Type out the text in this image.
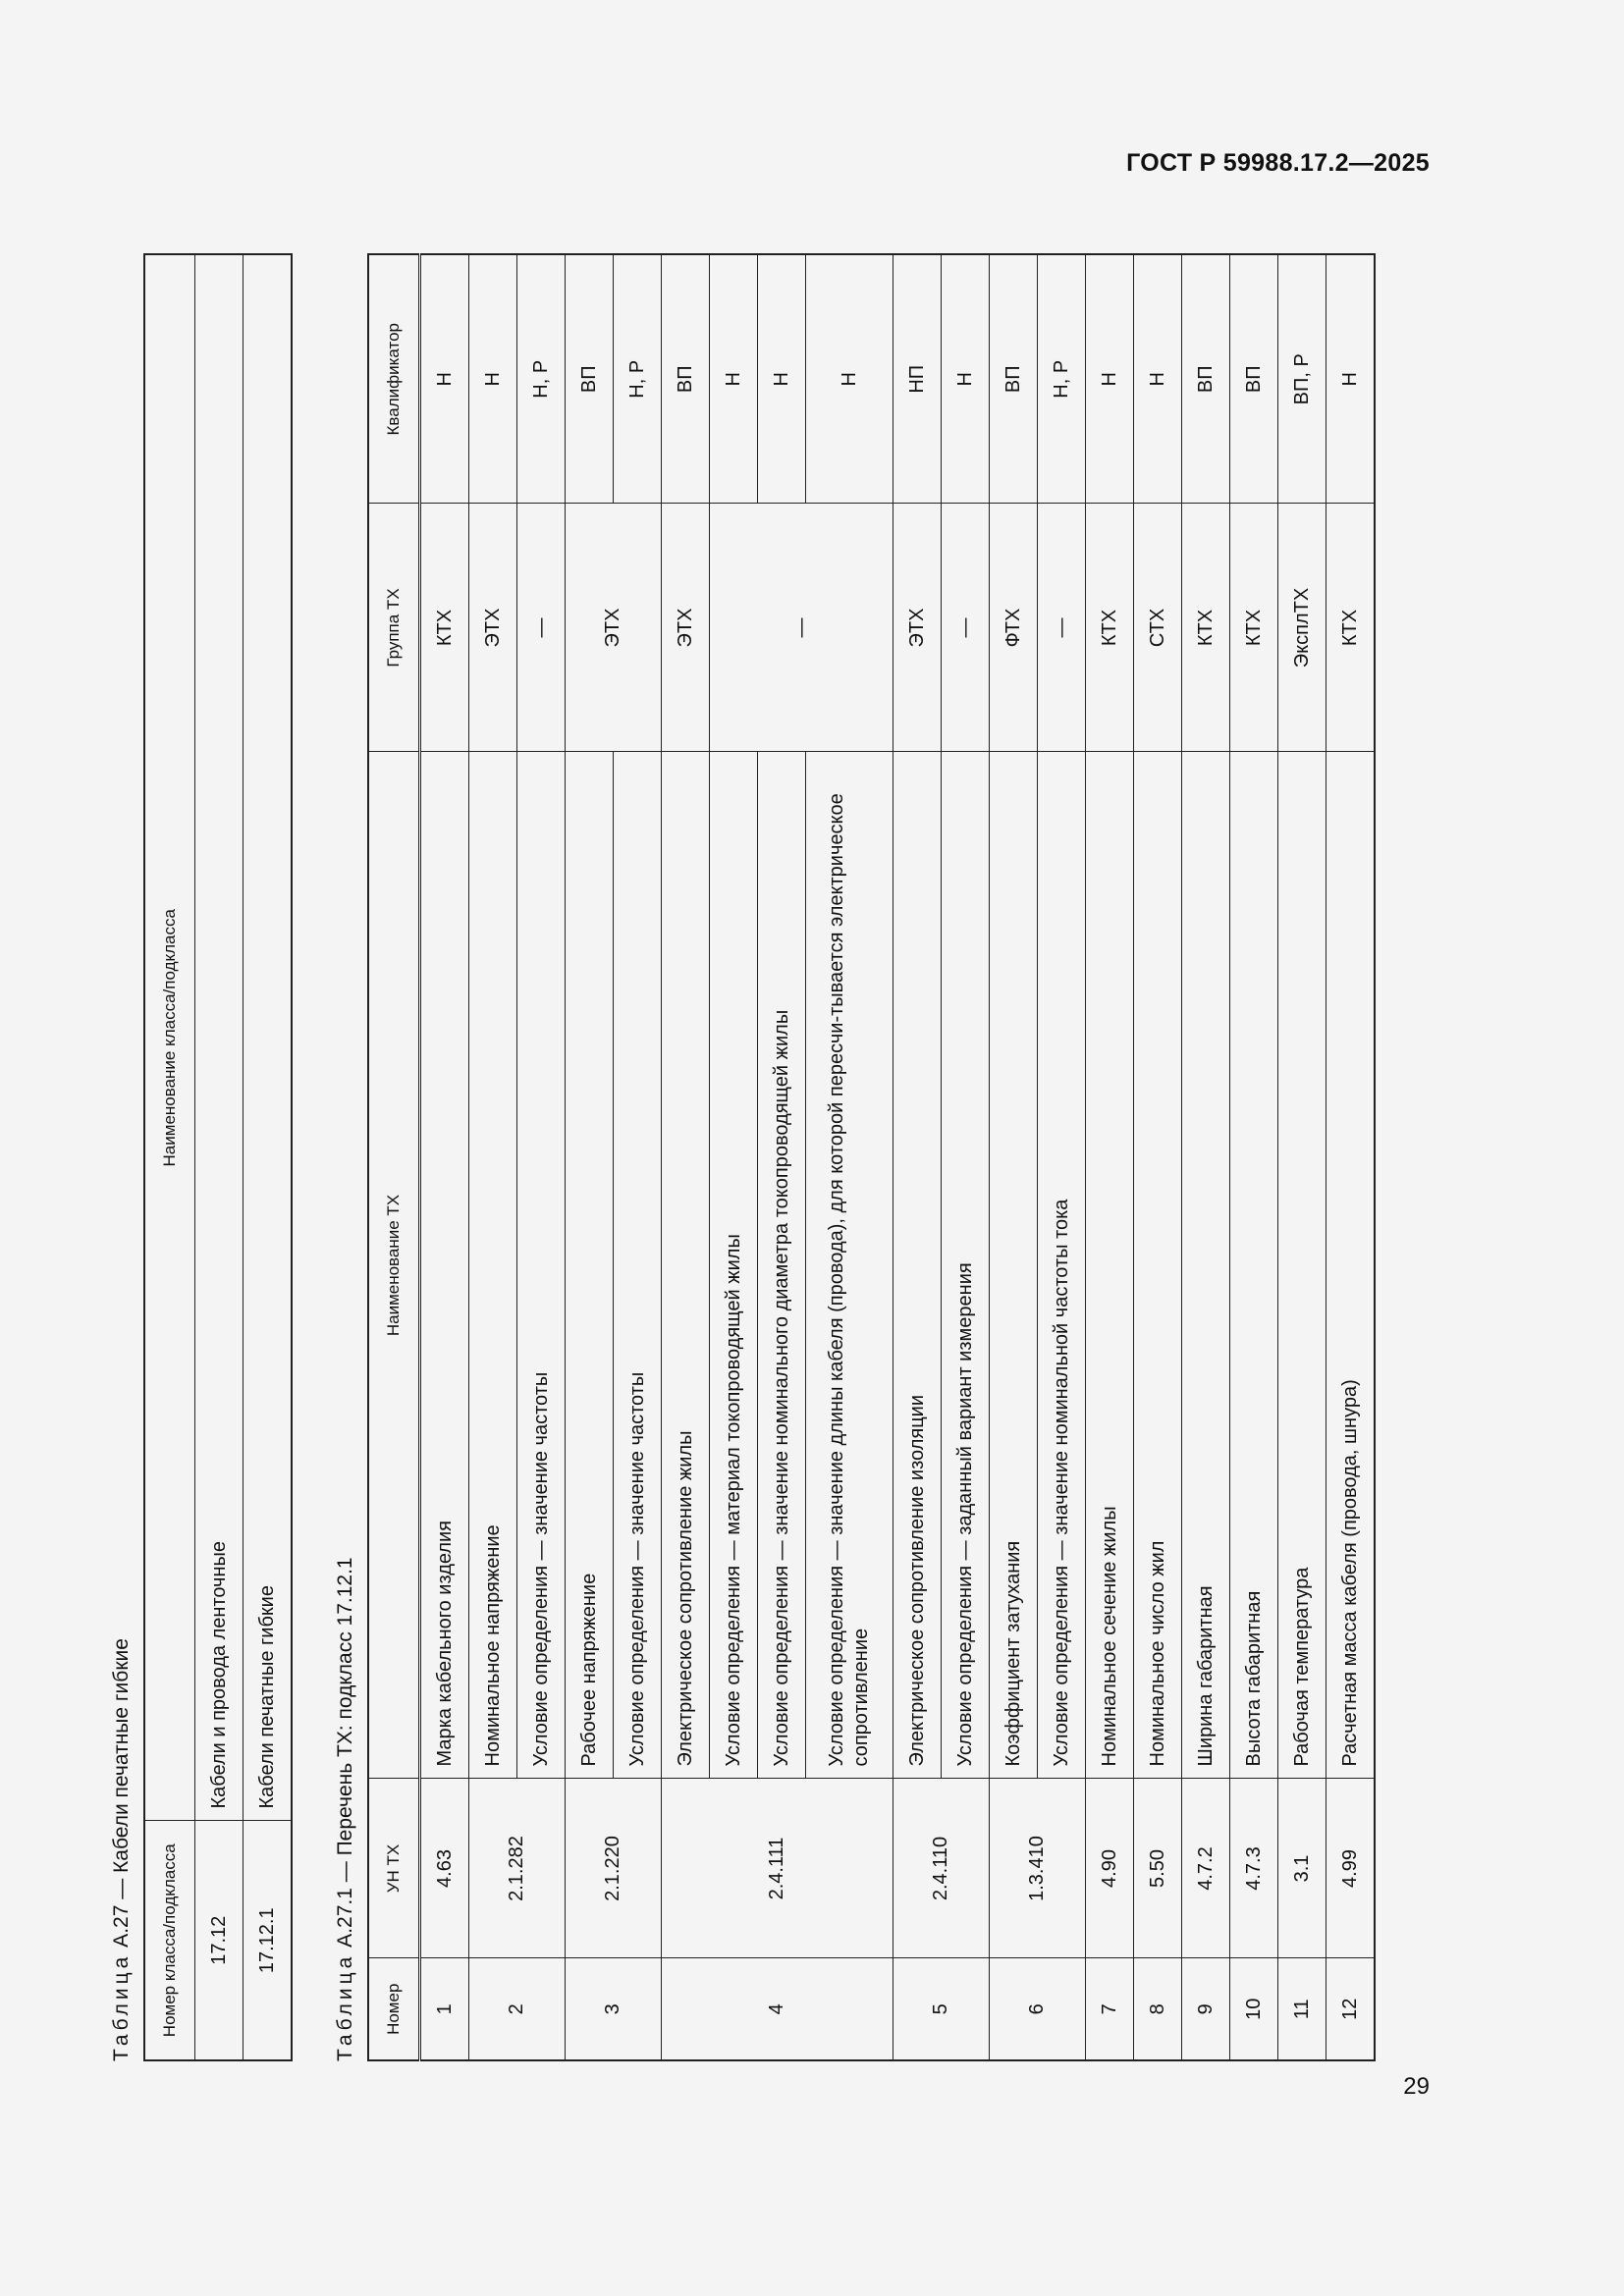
ГОСТ Р 59988.17.2—2025
Таблица А.27 — Кабели печатные гибкие Номер класса/подкласса	Наименование класса/подкласса
17.12	Кабели и провода ленточные
17.12.1	Кабели печатные гибкие
Таблица А.27.1 — Перечень ТХ: подкласс 17.12.1
Номер	УН ТХ	Наименование ТХ	Группа ТХ	Квалификатор
1	4.63	Марка кабельного изделия	КТХ	Н
2	2.1.282	Номинальное напряжение	ЭТХ	Н
		Условие определения — значение частоты	—	Н, Р
3	2.1.220	Рабочее напряжение	ЭТХ	ВП
		Условие определения — значение частоты		Н, Р
4	2.4.111	Электрическое сопротивление жилы	ЭТХ	ВП
		Условие определения — материал токопроводящей жилы	—	Н
		Условие определения — значение номинального диаметра токопроводящей жилы		Н
		Условие определения — значение длины кабеля (провода), для которой пересчи-тывается электрическое сопротивление		Н
5	2.4.110	Электрическое сопротивление изоляции	ЭТХ	НП
		Условие определения — заданный вариант измерения	—	Н
6	1.3.410	Коэффициент затухания	ФТХ	ВП
		Условие определения — значение номинальной частоты тока	—	Н, Р
7	4.90	Номинальное сечение жилы	КТХ	Н
8	5.50	Номинальное число жил	СТХ	Н
9	4.7.2	Ширина габаритная	КТХ	ВП
10	4.7.3	Высота габаритная	КТХ	ВП
11	3.1	Рабочая температура	ЭксплТХ	ВП, Р
12	4.99	Расчетная масса кабеля (провода, шнура)	КТХ	Н
29
